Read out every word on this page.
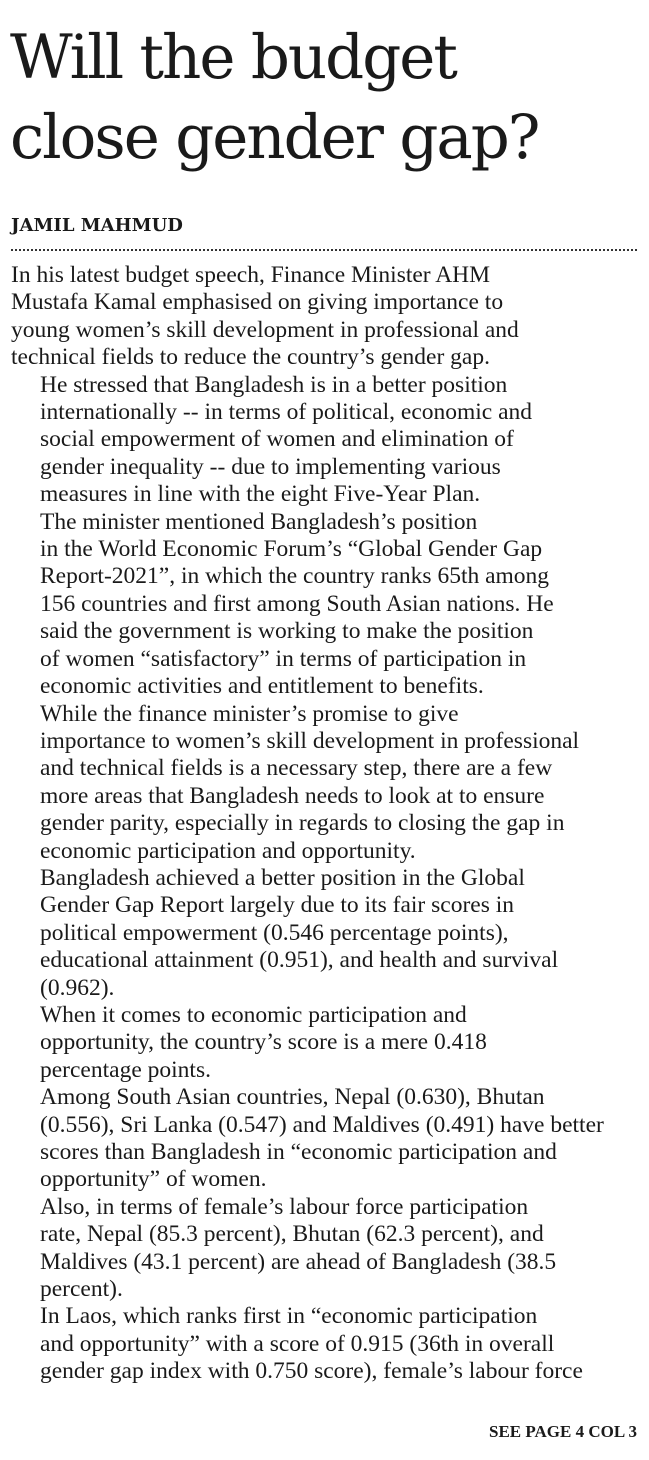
Will the budget
close gender gap?
JAMIL MAHMUD

In his latest budget speech, Finance Minister AHM
Mustafa Kamal emphasised on giving importance to
young women’s skill development in professional and
technical fields to reduce the country’s gender gap.

He stressed that Bangladesh is in a better position
internationally -- in terms of political, economic and
social empowerment of women and elimination of
gender inequality -- due to implementing various
measures in line with the eight Five-Year Plan.

The minister mentioned Bangladesh’s position
in the World Economic Forum’s “Global Gender Gap
Report-2021”, in which the country ranks 65th among
156 countries and first among South Asian nations. He
said the government is working to make the position
of women “satisfactory” in terms of participation in
economic activities and entitlement to benefits.

While the finance minister’s promise to give
importance to women’s skill development in professional
and technical fields is a necessary step, there are a few
more areas that Bangladesh needs to look at to ensure
gender parity, especially in regards to closing the gap in
economic participation and opportunity.

Bangladesh achieved a better position in the Global
Gender Gap Report largely due to its fair scores in
political empowerment (0.546 percentage points),
educational attainment (0.951), and health and survival
(0.962).

When it comes to economic participation and
opportunity, the country’s score is a mere 0.418
percentage points.

Among South Asian countries, Nepal (0.630), Bhutan
(0.556), Sri Lanka (0.547) and Maldives (0.491) have better
scores than Bangladesh in “economic participation and
opportunity” of women.

Also, in terms of female’s labour force participation
rate, Nepal (85.3 percent), Bhutan (62.3 percent), and
Maldives (43.1 percent) are ahead of Bangladesh (38.5
percent).

In Laos, which ranks first in “economic participation
and opportunity” with a score of 0.915 (36th in overall
gender gap index with 0.750 score), female’s labour force

SEE PAGE 4 COL 3
